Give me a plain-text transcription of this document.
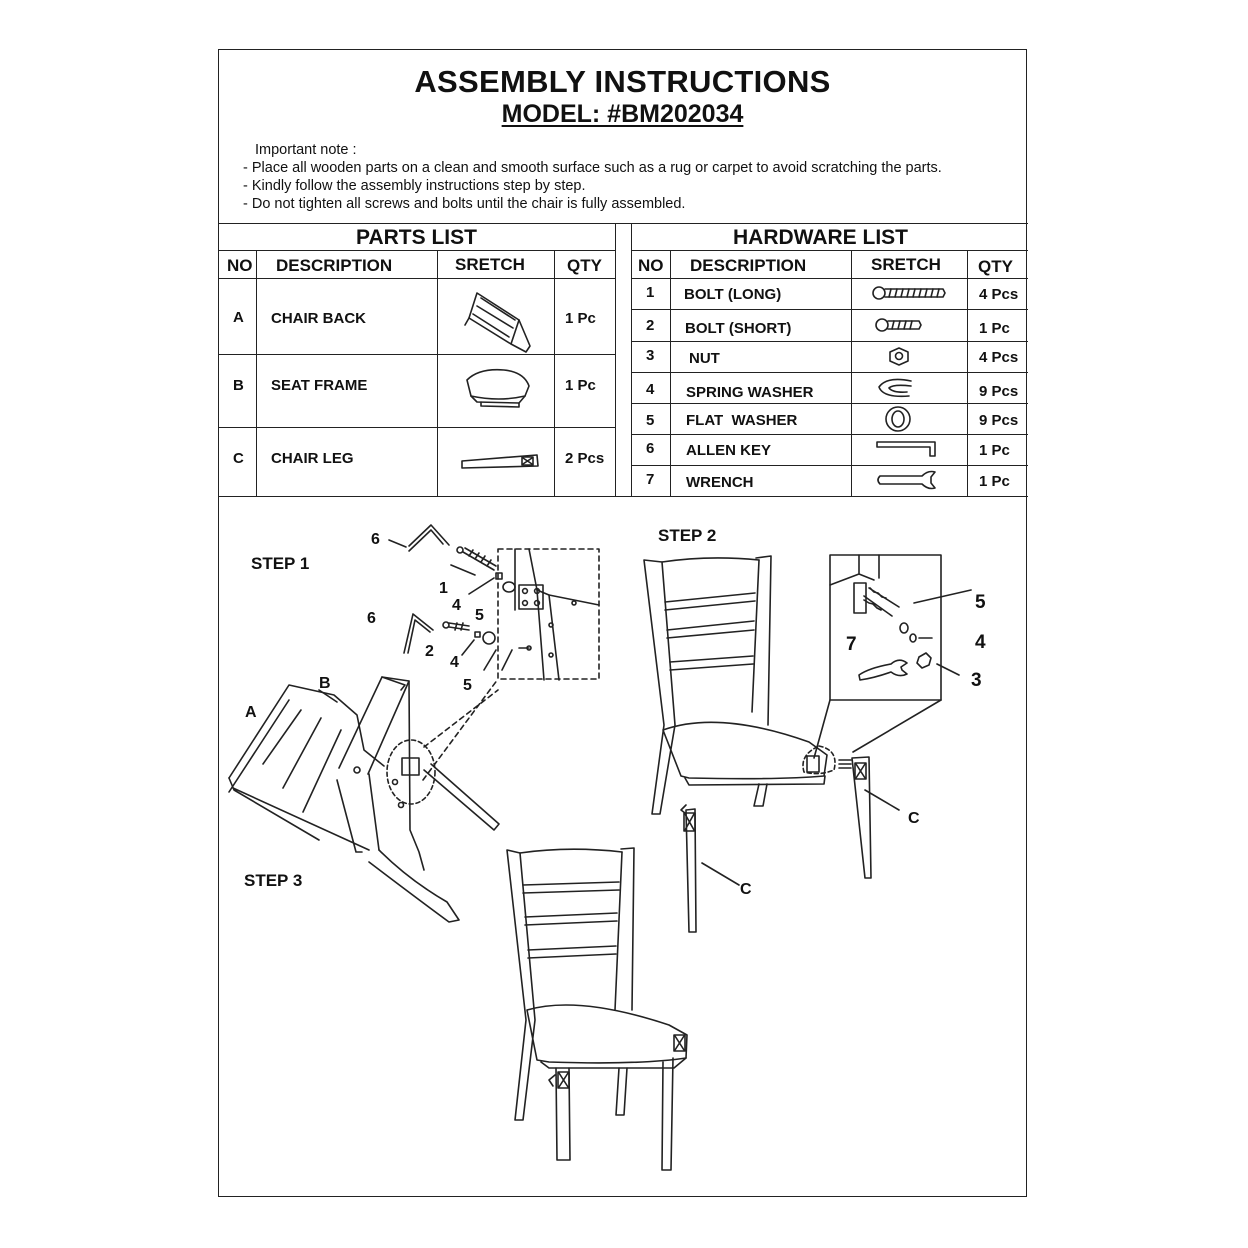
ASSEMBLY INSTRUCTIONS
MODEL: #BM202034
Important note :
- Place all wooden parts on a clean and smooth surface such as a rug or carpet to avoid scratching the parts.
- Kindly follow the assembly instructions step by step.
- Do not tighten all screws and bolts until the chair is fully assembled.
PARTS LIST
NO DESCRIPTION	SRETCH QTY
A CHAIR BACK	1 Pc
B SEAT FRAME	1 Pc
C CHAIR LEG	2 Pcs
HARDWARE LIST
NO DESCRIPTION	SRETCH QTY
1 BOLT (LONG)	4 Pcs
2 BOLT (SHORT)	1 Pc
3 NUT	4 Pcs
4 SPRING WASHER	9 Pcs
5 FLAT  WASHER	9 Pcs
6 ALLEN KEY	1 Pc
7 WRENCH	1 Pc
STEP 1
STEP 2
STEP 3
6
1
4
5
6
2
4
5
B
A
5
4
7
3
C
C
